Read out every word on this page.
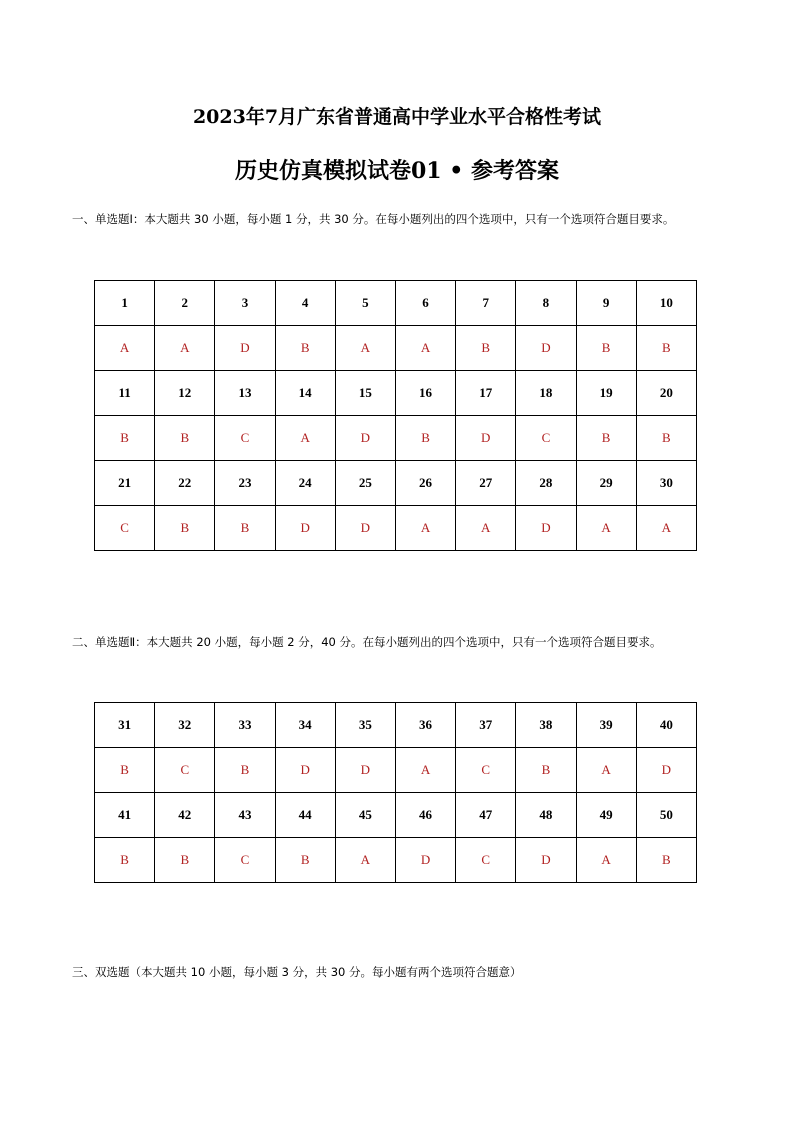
2023年7月广东省普通高中学业水平合格性考试
历史仿真模拟试卷01 • 参考答案
一、单选题Ⅰ：本大题共 30 小题，每小题 1 分，共 30 分。在每小题列出的四个选项中，只有一个选项符合题目要求。
1	2	3	4	5	6	7	8	9	10
A	A	D	B	A	A	B	D	B	B
11	12	13	14	15	16	17	18	19	20
B	B	C	A	D	B	D	C	B	B
21	22	23	24	25	26	27	28	29	30
C	B	B	D	D	A	A	D	A	A
二、单选题Ⅱ：本大题共 20 小题，每小题 2 分，40 分。在每小题列出的四个选项中，只有一个选项符合题目要求。
31	32	33	34	35	36	37	38	39	40
B	C	B	D	D	A	C	B	A	D
41	42	43	44	45	46	47	48	49	50
B	B	C	B	A	D	C	D	A	B
三、双选题（本大题共 10 小题，每小题 3 分，共 30 分。每小题有两个选项符合题意）
